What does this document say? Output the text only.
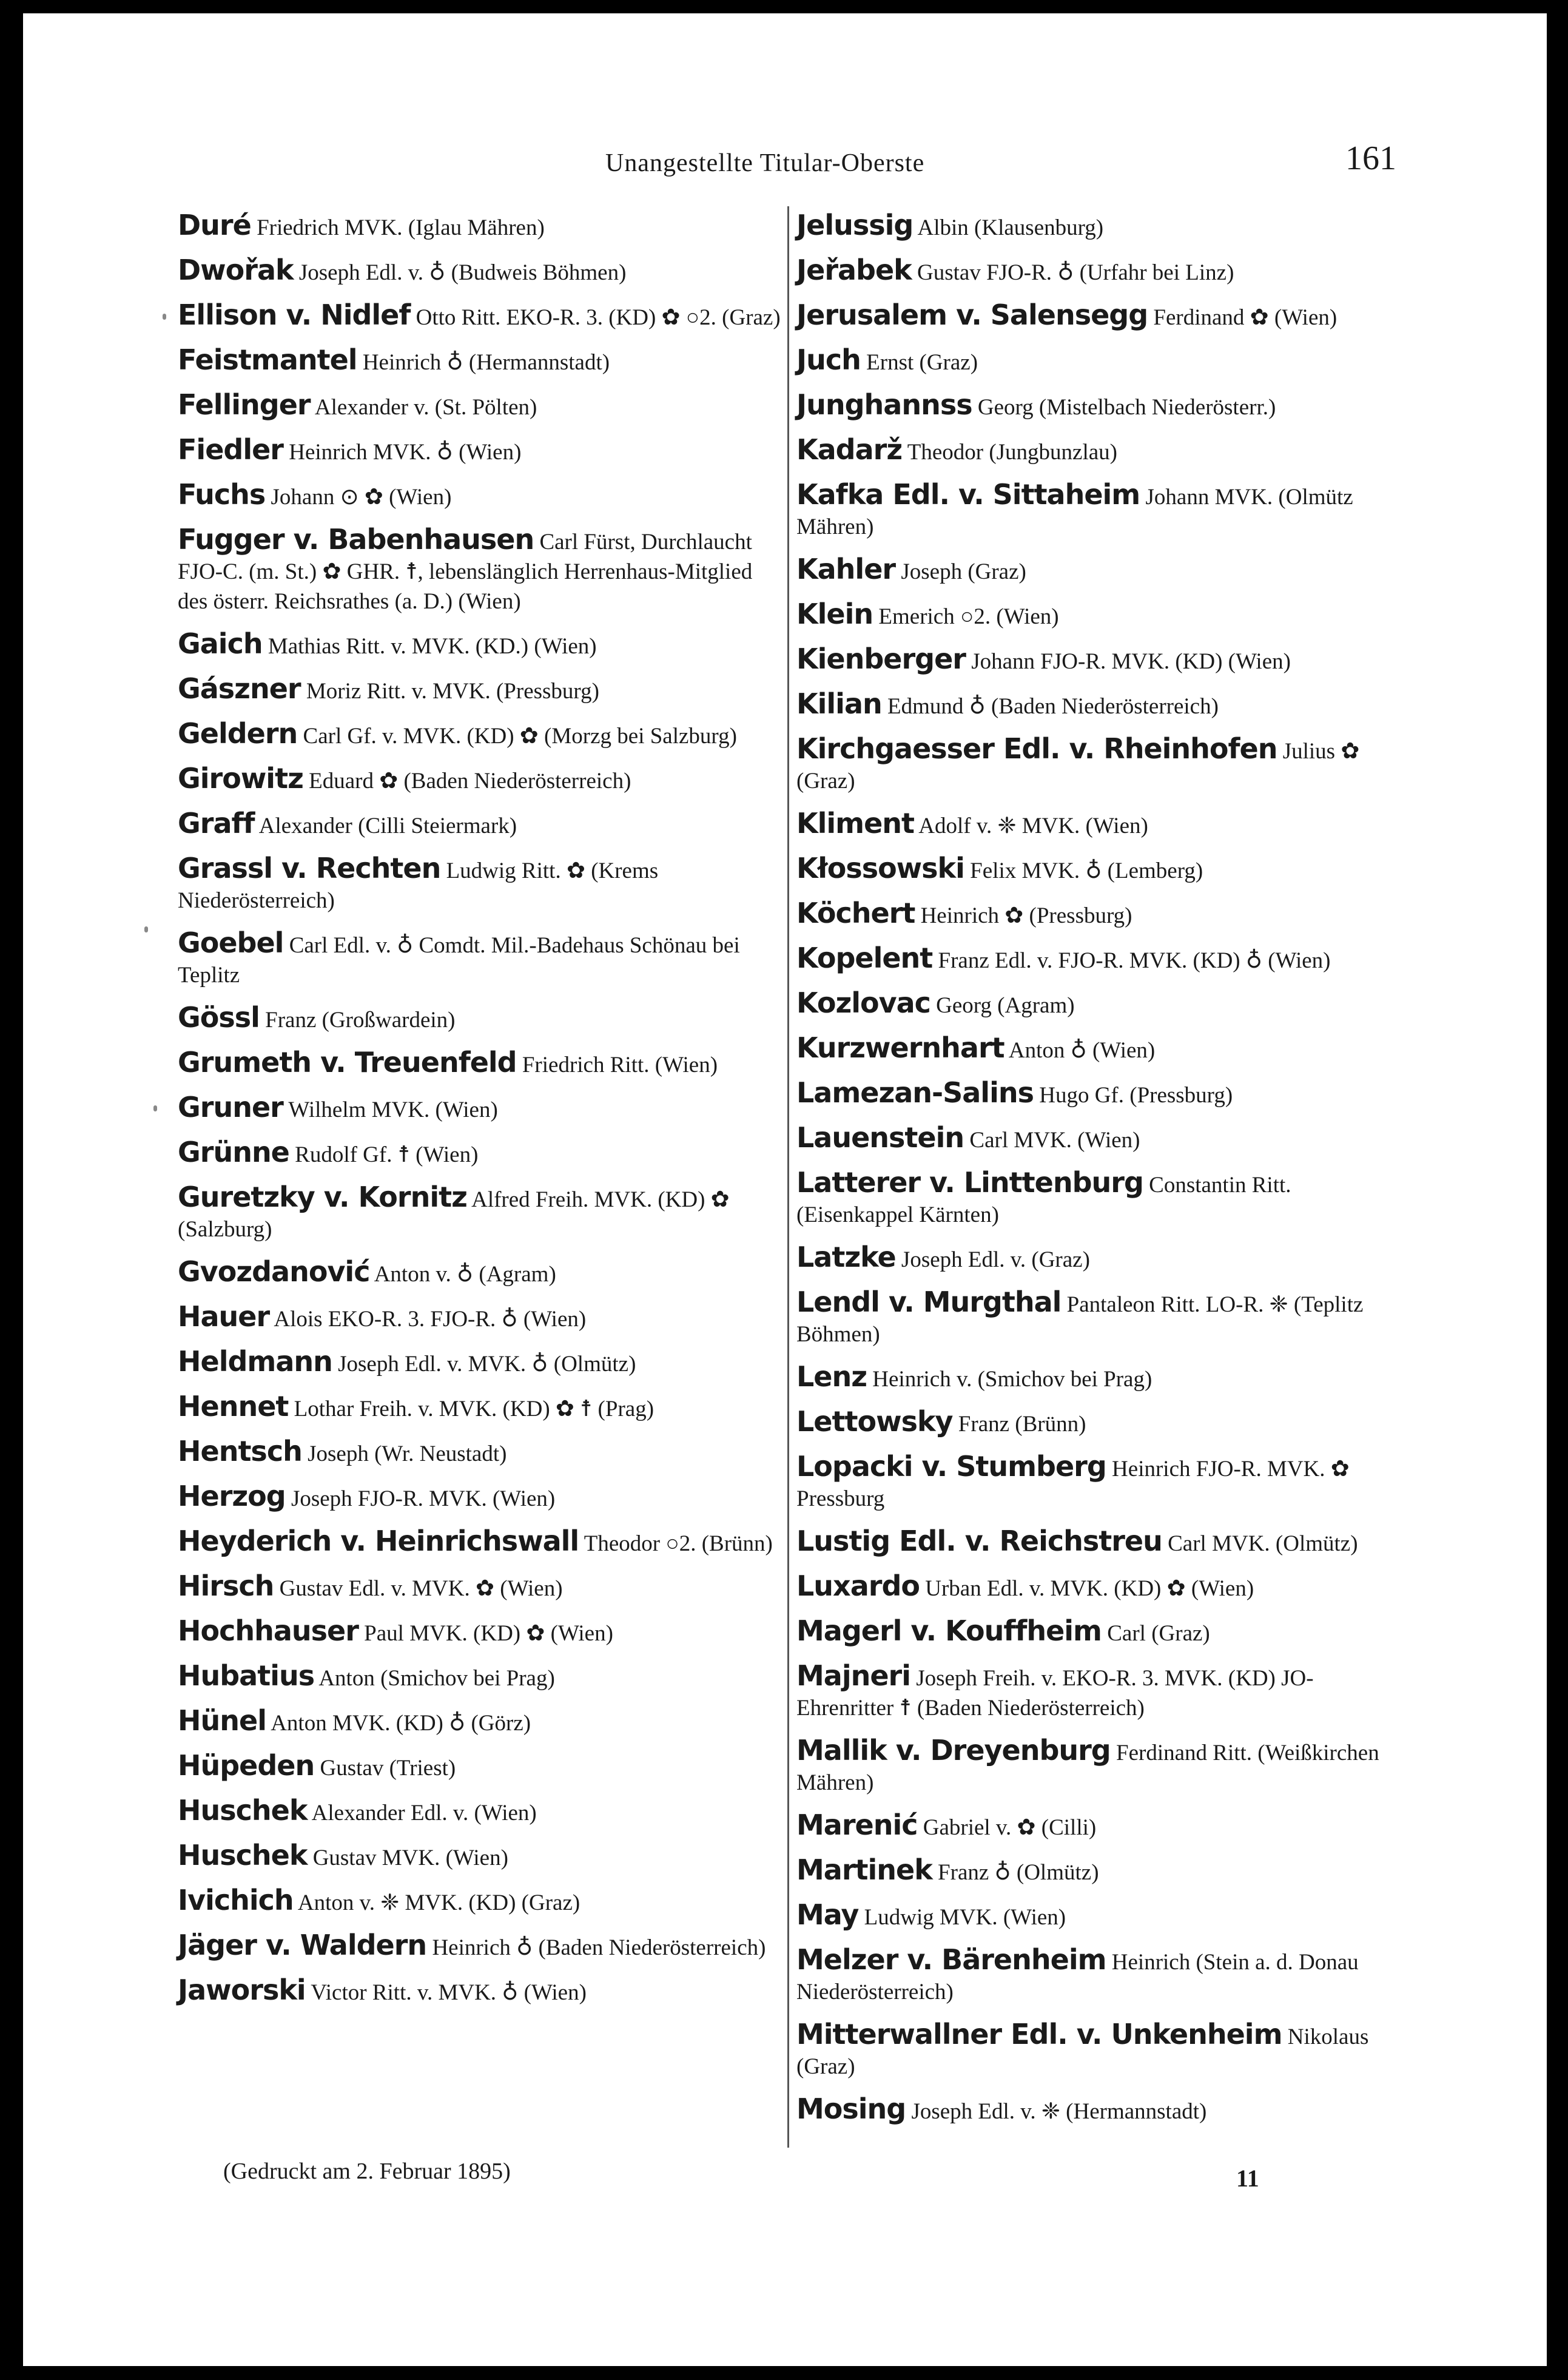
Unangestellte Titular-Oberste	161
Duré Friedrich MVK. (Iglau Mähren)
Dwořak Joseph Edl. v. ♁ (Budweis Böhmen)
Ellison v. Nidlef Otto Ritt. EKO-R. 3. (KD) ✿ ○2. (Graz)
Feistmantel Heinrich ♁ (Hermannstadt)
Fellinger Alexander v. (St. Pölten)
Fiedler Heinrich MVK. ♁ (Wien)
Fuchs Johann ⊙ ✿ (Wien)
Fugger v. Babenhausen Carl Fürst, Durchlaucht FJO-C. (m. St.) ✿ GHR. ☨, lebenslänglich Herrenhaus-Mitglied des österr. Reichsrathes (a. D.) (Wien)
Gaich Mathias Ritt. v. MVK. (KD.) (Wien)
Gászner Moriz Ritt. v. MVK. (Pressburg)
Geldern Carl Gf. v. MVK. (KD) ✿ (Morzg bei Salzburg)
Girowitz Eduard ✿ (Baden Niederösterreich)
Graff Alexander (Cilli Steiermark)
Grassl v. Rechten Ludwig Ritt. ✿ (Krems Niederösterreich)
Goebel Carl Edl. v. ♁ Comdt. Mil.-Badehaus Schönau bei Teplitz
Gössl Franz (Großwardein)
Grumeth v. Treuenfeld Friedrich Ritt. (Wien)
Gruner Wilhelm MVK. (Wien)
Grünne Rudolf Gf. ☨ (Wien)
Guretzky v. Kornitz Alfred Freih. MVK. (KD) ✿ (Salzburg)
Gvozdanović Anton v. ♁ (Agram)
Hauer Alois EKO-R. 3. FJO-R. ♁ (Wien)
Heldmann Joseph Edl. v. MVK. ♁ (Olmütz)
Hennet Lothar Freih. v. MVK. (KD) ✿ ☨ (Prag)
Hentsch Joseph (Wr. Neustadt)
Herzog Joseph FJO-R. MVK. (Wien)
Heyderich v. Heinrichswall Theodor ○2. (Brünn)
Hirsch Gustav Edl. v. MVK. ✿ (Wien)
Hochhauser Paul MVK. (KD) ✿ (Wien)
Hubatius Anton (Smichov bei Prag)
Hünel Anton MVK. (KD) ♁ (Görz)
Hüpeden Gustav (Triest)
Huschek Alexander Edl. v. (Wien)
Huschek Gustav MVK. (Wien)
Ivichich Anton v. ❈ MVK. (KD) (Graz)
Jäger v. Waldern Heinrich ♁ (Baden Niederösterreich)
Jaworski Victor Ritt. v. MVK. ♁ (Wien)
Jelussig Albin (Klausenburg)
Jeřabek Gustav FJO-R. ♁ (Urfahr bei Linz)
Jerusalem v. Salensegg Ferdinand ✿ (Wien)
Juch Ernst (Graz)
Junghannss Georg (Mistelbach Niederösterr.)
Kadarž Theodor (Jungbunzlau)
Kafka Edl. v. Sittaheim Johann MVK. (Olmütz Mähren)
Kahler Joseph (Graz)
Klein Emerich ○2. (Wien)
Kienberger Johann FJO-R. MVK. (KD) (Wien)
Kilian Edmund ♁ (Baden Niederösterreich)
Kirchgaesser Edl. v. Rheinhofen Julius ✿ (Graz)
Kliment Adolf v. ❈ MVK. (Wien)
Kłossowski Felix MVK. ♁ (Lemberg)
Köchert Heinrich ✿ (Pressburg)
Kopelent Franz Edl. v. FJO-R. MVK. (KD) ♁ (Wien)
Kozlovac Georg (Agram)
Kurzwernhart Anton ♁ (Wien)
Lamezan-Salins Hugo Gf. (Pressburg)
Lauenstein Carl MVK. (Wien)
Latterer v. Linttenburg Constantin Ritt. (Eisenkappel Kärnten)
Latzke Joseph Edl. v. (Graz)
Lendl v. Murgthal Pantaleon Ritt. LO-R. ❈ (Teplitz Böhmen)
Lenz Heinrich v. (Smichov bei Prag)
Lettowsky Franz (Brünn)
Lopacki v. Stumberg Heinrich FJO-R. MVK. ✿ Pressburg
Lustig Edl. v. Reichstreu Carl MVK. (Olmütz)
Luxardo Urban Edl. v. MVK. (KD) ✿ (Wien)
Magerl v. Kouffheim Carl (Graz)
Majneri Joseph Freih. v. EKO-R. 3. MVK. (KD) JO-Ehrenritter ☨ (Baden Niederösterreich)
Mallik v. Dreyenburg Ferdinand Ritt. (Weißkirchen Mähren)
Marenić Gabriel v. ✿ (Cilli)
Martinek Franz ♁ (Olmütz)
May Ludwig MVK. (Wien)
Melzer v. Bärenheim Heinrich (Stein a. d. Donau Niederösterreich)
Mitterwallner Edl. v. Unkenheim Nikolaus (Graz)
Mosing Joseph Edl. v. ❈ (Hermannstadt)
(Gedruckt am 2. Februar 1895)	11
